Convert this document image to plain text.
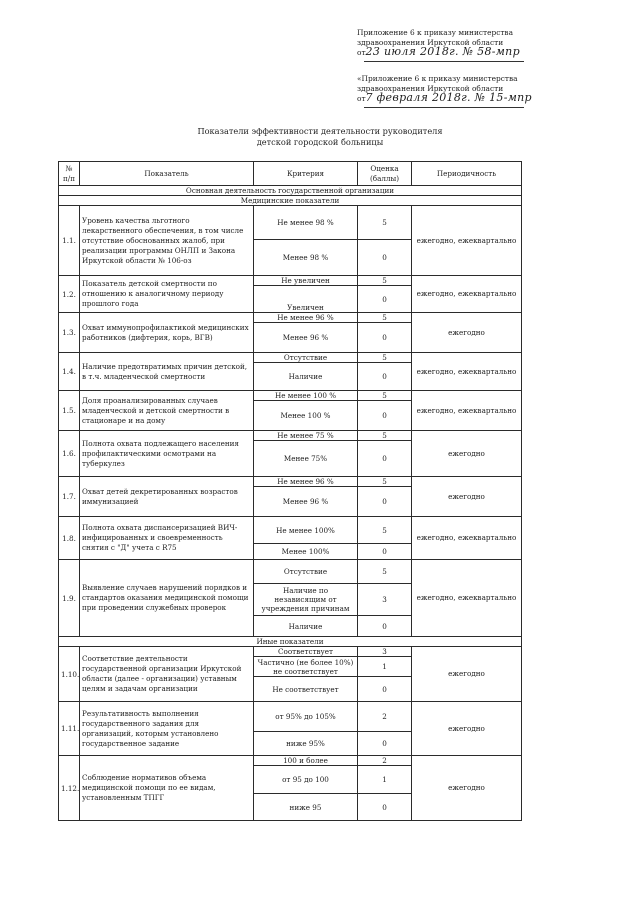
Приложение 6 к приказу министерства
здравоохранения Иркутской области
от23 июля 2018г. № 58-мпр
«Приложение 6 к приказу министерства
здравоохранения Иркутской области
от7 февраля 2018г. № 15-мпр
Показатели эффективности деятельности руководителя
детской городской больницы
№ п/п	Показатель	Критерия	Оценка (баллы)	Периодичность
Основная деятельность государственной организации				
Медицинские показатели				
1.1.	Уровень качества льготного лекарственного обеспечения, в том числе отсутствие обоснованных жалоб, при реализации программы ОНЛП и Закона Иркутской области № 106-оз	Не менее 98 %	5	ежегодно, ежеквартально
		Менее 98 %	0	
1.2.	Показатель детской смертности по отношению к аналогичному периоду прошлого года	Не увеличен	5	ежегодно, ежеквартально
		Увеличен	0	
1.3.	Охват иммунопрофилактикой медицинских работников (дифтерия, корь, ВГВ)	Не менее 96 %	5	ежегодно
		Менее 96 %	0	
1.4.	Наличие предотвратимых причин детской, в т.ч. младенческой смертности	Отсутствие	5	ежегодно, ежеквартально
		Наличие	0	
1.5.	Доля проанализированных случаев младенческой и детской смертности в стационаре и на дому	Не менее 100 %	5	ежегодно, ежеквартально
		Менее 100 %	0	
1.6.	Полнота охвата подлежащего населения профилактическими осмотрами на туберкулез	Не менее 75 %	5	ежегодно
		Менее 75%	0	
1.7.	Охват детей декретированных возрастов иммунизацией	Не менее 96 %	5	ежегодно
		Менее 96 %	0	
1.8.	Полнота охвата диспансеризацией ВИЧ-инфицированных и своевременность снятия с "Д" учета с R75	Не менее 100%	5	ежегодно, ежеквартально
		Менее 100%	0	
1.9.	Выявление случаев нарушений порядков и стандартов оказания медицинской помощи при проведении служебных проверок	Отсутствие	5	ежегодно, ежеквартально
		Наличие по независящим от учреждения причинам	3	
		Наличие	0	
Иные показатели				
1.10.	Соответствие деятельности государственной организации Иркутской области (далее - организации) уставным целям и задачам организации	Соответствует	3	ежегодно
		Частично (не более 10%) не соответствует	1	
		Не соответствует	0	
1.11.	Результативность выполнения государственного задания для организаций, которым установлено государственное задание	от 95% до 105%	2	ежегодно
		ниже 95%	0	
1.12.	Соблюдение нормативов объема медицинской помощи по ее видам, установленным ТПГГ	100 и более	2	ежегодно
		от 95 до 100	1	
		ниже 95	0	
